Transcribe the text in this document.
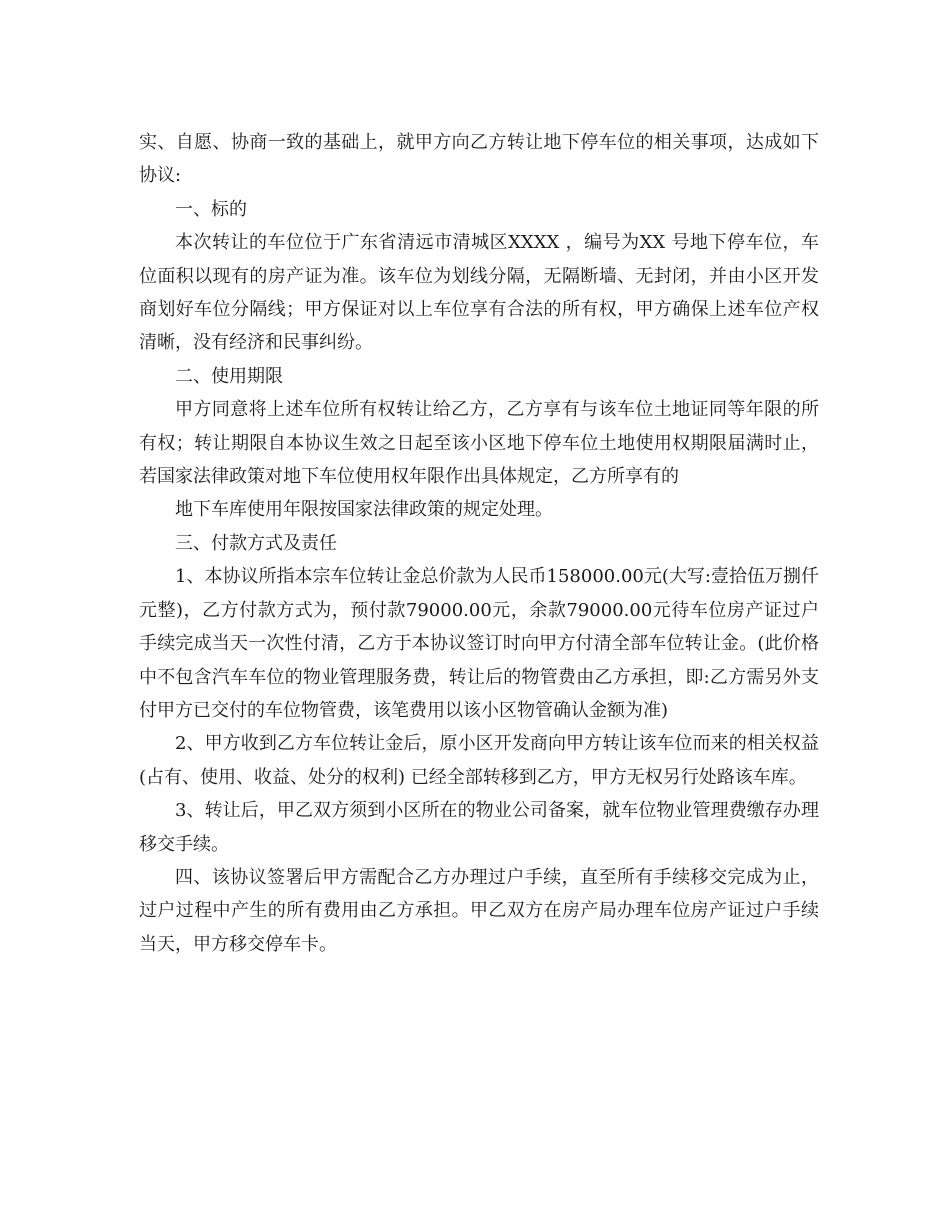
实、自愿、协商一致的基础上，就甲方向乙方转让地下停车位的相关事项，达成如下协议:

一、标的

本次转让的车位位于广东省清远市清城区XXXX ，编号为XX 号地下停车位，车位面积以现有的房产证为准。该车位为划线分隔，无隔断墙、无封闭，并由小区开发商划好车位分隔线；甲方保证对以上车位享有合法的所有权，甲方确保上述车位产权清晰，没有经济和民事纠纷。

二、使用期限

甲方同意将上述车位所有权转让给乙方，乙方享有与该车位土地证同等年限的所有权；转让期限自本协议生效之日起至该小区地下停车位土地使用权期限届满时止，若国家法律政策对地下车位使用权年限作出具体规定，乙方所享有的

地下车库使用年限按国家法律政策的规定处理。

三、付款方式及责任

1、本协议所指本宗车位转让金总价款为人民币158000.00元(大写:壹拾伍万捌仟元整)，乙方付款方式为，预付款79000.00元，余款79000.00元待车位房产证过户手续完成当天一次性付清，乙方于本协议签订时向甲方付清全部车位转让金。(此价格中不包含汽车车位的物业管理服务费，转让后的物管费由乙方承担，即:乙方需另外支付甲方已交付的车位物管费，该笔费用以该小区物管确认金额为准)

2、甲方收到乙方车位转让金后，原小区开发商向甲方转让该车位而来的相关权益(占有、使用、收益、处分的权利) 已经全部转移到乙方，甲方无权另行处路该车库。

3、转让后，甲乙双方须到小区所在的物业公司备案，就车位物业管理费缴存办理移交手续。

四、该协议签署后甲方需配合乙方办理过户手续，直至所有手续移交完成为止，过户过程中产生的所有费用由乙方承担。甲乙双方在房产局办理车位房产证过户手续当天，甲方移交停车卡。
